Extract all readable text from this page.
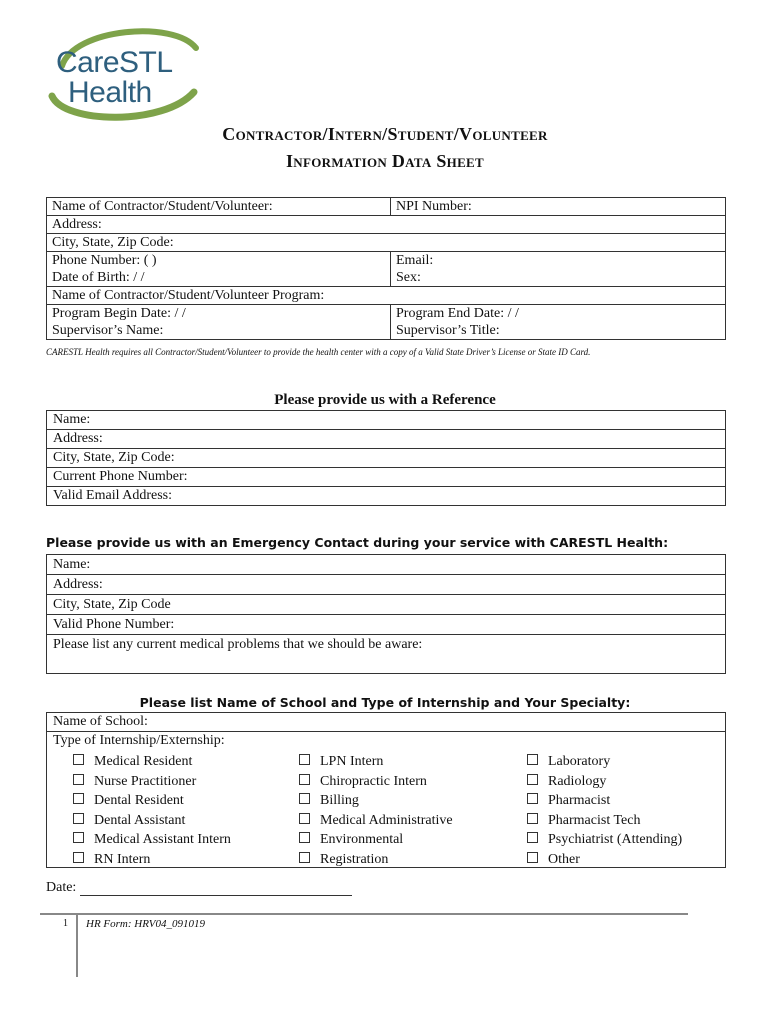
CareSTL
Health
Contractor/Intern/Student/Volunteer
Information Data Sheet
Name of Contractor/Student/Volunteer:	NPI Number:
Address:	
City, State, Zip Code:	
Phone Number: ( )	Email:
Date of Birth: / /	Sex:
Name of Contractor/Student/Volunteer Program:	
Program Begin Date: / /	Program End Date: / /
Supervisor’s Name:	Supervisor’s Title:
CARESTL Health requires all Contractor/Student/Volunteer to provide the health center with a copy of a Valid State Driver’s License or State ID Card.
Please provide us with a Reference
Name:
Address:
City, State, Zip Code:
Current Phone Number:
Valid Email Address:
Please provide us with an Emergency Contact during your service with CARESTL Health:
Name:
Address:
City, State, Zip Code
Valid Phone Number:
Please list any current medical problems that we should be aware:
Please list Name of School and Type of Internship and Your Specialty:
Name of School:
Type of Internship/Externship:
Medical Resident
Nurse Practitioner
Dental Resident
Dental Assistant
Medical Assistant Intern
RN Intern
LPN Intern
Chiropractic Intern
Billing
Medical Administrative
Environmental
Registration
Laboratory
Radiology
Pharmacist
Pharmacist Tech
Psychiatrist (Attending)
Other
Date:
1 HR Form: HRV04_091019
